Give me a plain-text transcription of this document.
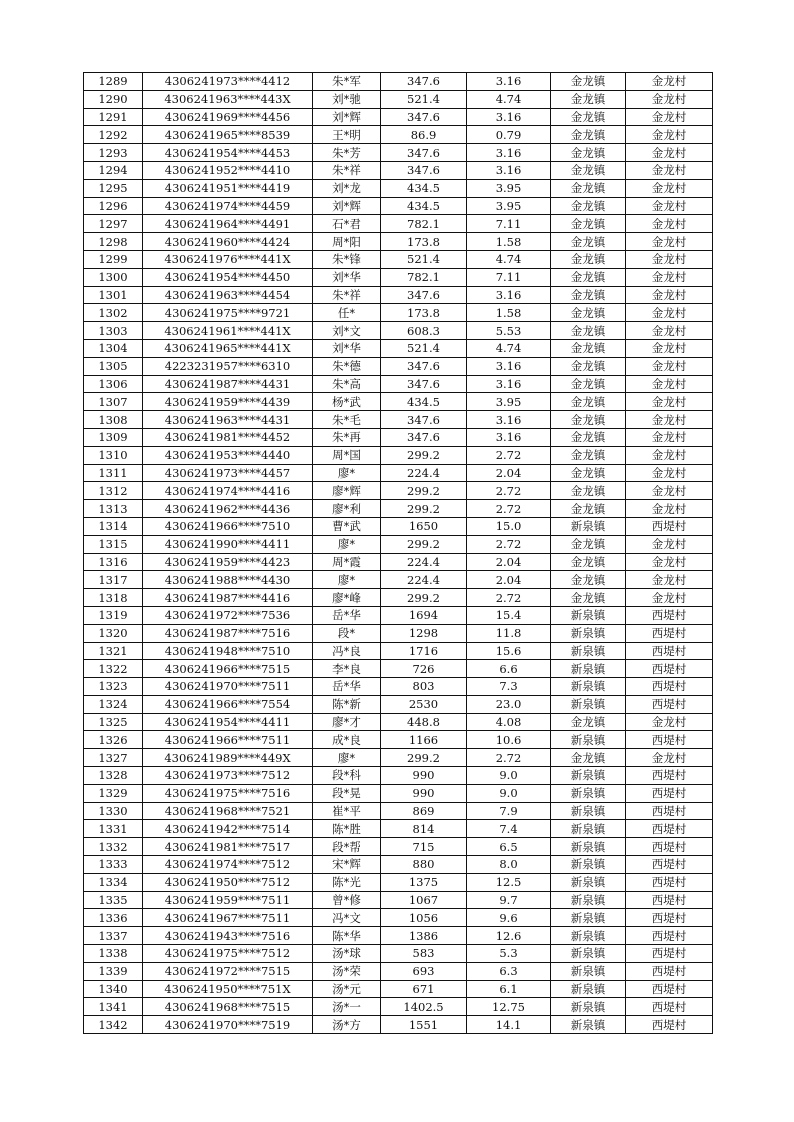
1289	4306241973****4412	朱*军	347.6	3.16	金龙镇	金龙村
1290	4306241963****443X	刘*驰	521.4	4.74	金龙镇	金龙村
1291	4306241969****4456	刘*辉	347.6	3.16	金龙镇	金龙村
1292	4306241965****8539	王*明	86.9	0.79	金龙镇	金龙村
1293	4306241954****4453	朱*芳	347.6	3.16	金龙镇	金龙村
1294	4306241952****4410	朱*祥	347.6	3.16	金龙镇	金龙村
1295	4306241951****4419	刘*龙	434.5	3.95	金龙镇	金龙村
1296	4306241974****4459	刘*辉	434.5	3.95	金龙镇	金龙村
1297	4306241964****4491	石*君	782.1	7.11	金龙镇	金龙村
1298	4306241960****4424	周*阳	173.8	1.58	金龙镇	金龙村
1299	4306241976****441X	朱*锋	521.4	4.74	金龙镇	金龙村
1300	4306241954****4450	刘*华	782.1	7.11	金龙镇	金龙村
1301	4306241963****4454	朱*祥	347.6	3.16	金龙镇	金龙村
1302	4306241975****9721	任*	173.8	1.58	金龙镇	金龙村
1303	4306241961****441X	刘*文	608.3	5.53	金龙镇	金龙村
1304	4306241965****441X	刘*华	521.4	4.74	金龙镇	金龙村
1305	4223231957****6310	朱*德	347.6	3.16	金龙镇	金龙村
1306	4306241987****4431	朱*高	347.6	3.16	金龙镇	金龙村
1307	4306241959****4439	杨*武	434.5	3.95	金龙镇	金龙村
1308	4306241963****4431	朱*毛	347.6	3.16	金龙镇	金龙村
1309	4306241981****4452	朱*再	347.6	3.16	金龙镇	金龙村
1310	4306241953****4440	周*国	299.2	2.72	金龙镇	金龙村
1311	4306241973****4457	廖*	224.4	2.04	金龙镇	金龙村
1312	4306241974****4416	廖*辉	299.2	2.72	金龙镇	金龙村
1313	4306241962****4436	廖*利	299.2	2.72	金龙镇	金龙村
1314	4306241966****7510	曹*武	1650	15.0	新泉镇	西堤村
1315	4306241990****4411	廖*	299.2	2.72	金龙镇	金龙村
1316	4306241959****4423	周*霞	224.4	2.04	金龙镇	金龙村
1317	4306241988****4430	廖*	224.4	2.04	金龙镇	金龙村
1318	4306241987****4416	廖*峰	299.2	2.72	金龙镇	金龙村
1319	4306241972****7536	岳*华	1694	15.4	新泉镇	西堤村
1320	4306241987****7516	段*	1298	11.8	新泉镇	西堤村
1321	4306241948****7510	冯*良	1716	15.6	新泉镇	西堤村
1322	4306241966****7515	李*良	726	6.6	新泉镇	西堤村
1323	4306241970****7511	岳*华	803	7.3	新泉镇	西堤村
1324	4306241966****7554	陈*新	2530	23.0	新泉镇	西堤村
1325	4306241954****4411	廖*才	448.8	4.08	金龙镇	金龙村
1326	4306241966****7511	成*良	1166	10.6	新泉镇	西堤村
1327	4306241989****449X	廖*	299.2	2.72	金龙镇	金龙村
1328	4306241973****7512	段*科	990	9.0	新泉镇	西堤村
1329	4306241975****7516	段*晃	990	9.0	新泉镇	西堤村
1330	4306241968****7521	崔*平	869	7.9	新泉镇	西堤村
1331	4306241942****7514	陈*胜	814	7.4	新泉镇	西堤村
1332	4306241981****7517	段*帮	715	6.5	新泉镇	西堤村
1333	4306241974****7512	宋*辉	880	8.0	新泉镇	西堤村
1334	4306241950****7512	陈*光	1375	12.5	新泉镇	西堤村
1335	4306241959****7511	曾*修	1067	9.7	新泉镇	西堤村
1336	4306241967****7511	冯*文	1056	9.6	新泉镇	西堤村
1337	4306241943****7516	陈*华	1386	12.6	新泉镇	西堤村
1338	4306241975****7512	汤*球	583	5.3	新泉镇	西堤村
1339	4306241972****7515	汤*荣	693	6.3	新泉镇	西堤村
1340	4306241950****751X	汤*元	671	6.1	新泉镇	西堤村
1341	4306241968****7515	汤*一	1402.5	12.75	新泉镇	西堤村
1342	4306241970****7519	汤*方	1551	14.1	新泉镇	西堤村
